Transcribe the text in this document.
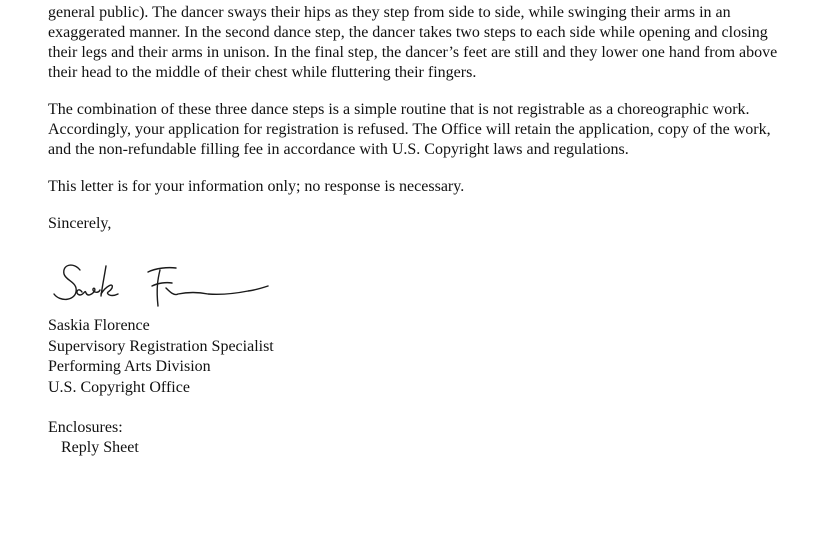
general public). The dancer sways their hips as they step from side to side, while swinging their arms in an exaggerated manner. In the second dance step, the dancer takes two steps to each side while opening and closing their legs and their arms in unison. In the final step, the dancer’s feet are still and they lower one hand from above their head to the middle of their chest while fluttering their fingers.

The combination of these three dance steps is a simple routine that is not registrable as a choreographic work. Accordingly, your application for registration is refused. The Office will retain the application, copy of the work, and the non-refundable filling fee in accordance with U.S. Copyright laws and regulations.

This letter is for your information only; no response is necessary.

Sincerely,

Saskia Florence

Supervisory Registration Specialist

Performing Arts Division

U.S. Copyright Office

Enclosures:

Reply Sheet
